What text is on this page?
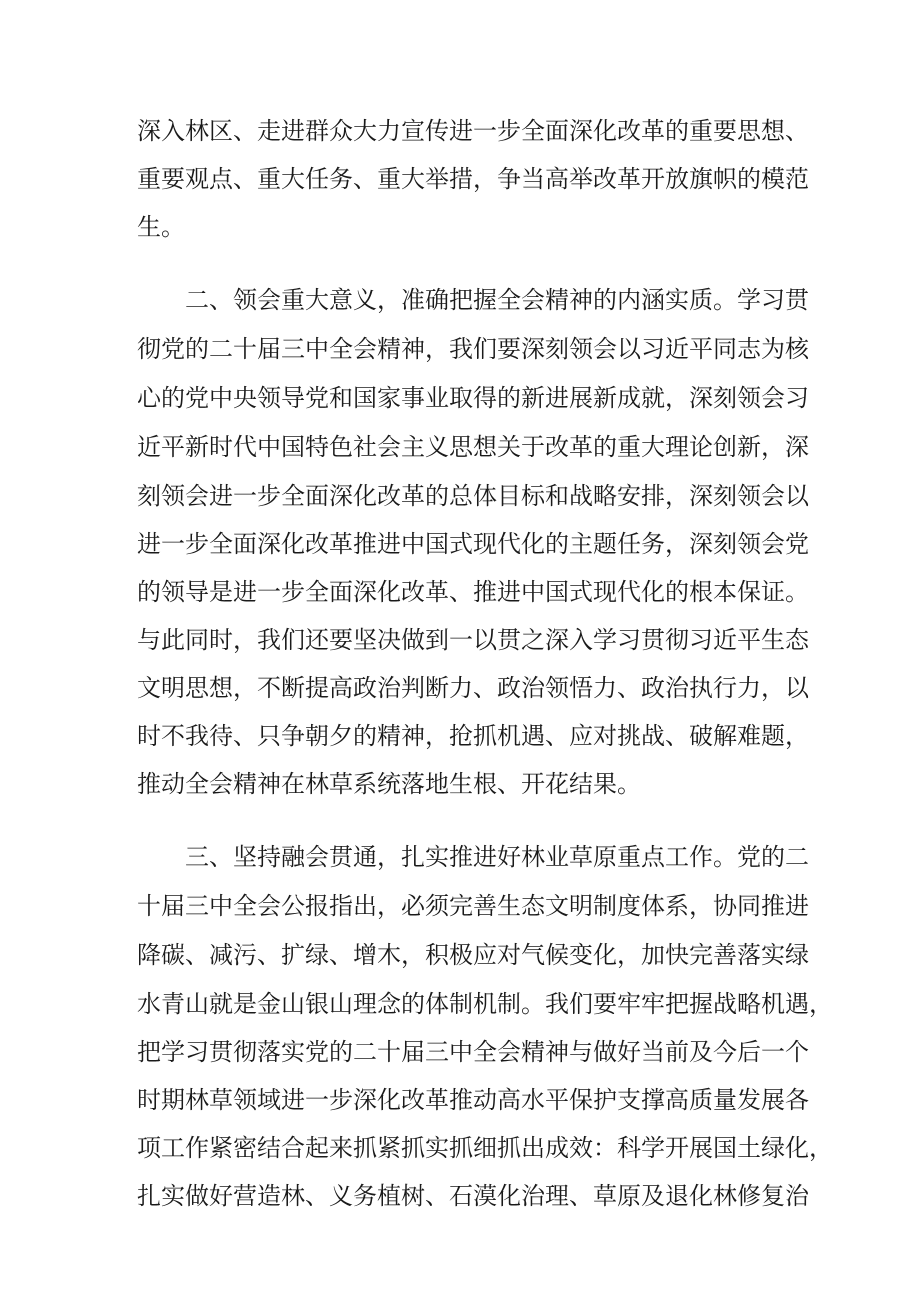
深入林区、走进群众大力宣传进一步全面深化改革的重要思想、
重要观点、重大任务、重大举措，争当高举改革开放旗帜的模范
生。
二、领会重大意义，准确把握全会精神的内涵实质。学习贯
彻党的二十届三中全会精神，我们要深刻领会以习近平同志为核
心的党中央领导党和国家事业取得的新进展新成就，深刻领会习
近平新时代中国特色社会主义思想关于改革的重大理论创新，深
刻领会进一步全面深化改革的总体目标和战略安排，深刻领会以
进一步全面深化改革推进中国式现代化的主题任务，深刻领会党
的领导是进一步全面深化改革、推进中国式现代化的根本保证。
与此同时，我们还要坚决做到一以贯之深入学习贯彻习近平生态
文明思想，不断提高政治判断力、政治领悟力、政治执行力，以
时不我待、只争朝夕的精神，抢抓机遇、应对挑战、破解难题，
推动全会精神在林草系统落地生根、开花结果。
三、坚持融会贯通，扎实推进好林业草原重点工作。党的二
十届三中全会公报指出，必须完善生态文明制度体系，协同推进
降碳、减污、扩绿、增木，积极应对气候变化，加快完善落实绿
水青山就是金山银山理念的体制机制。我们要牢牢把握战略机遇，
把学习贯彻落实党的二十届三中全会精神与做好当前及今后一个
时期林草领域进一步深化改革推动高水平保护支撑高质量发展各
项工作紧密结合起来抓紧抓实抓细抓出成效：科学开展国土绿化，
扎实做好营造林、义务植树、石漠化治理、草原及退化林修复治
